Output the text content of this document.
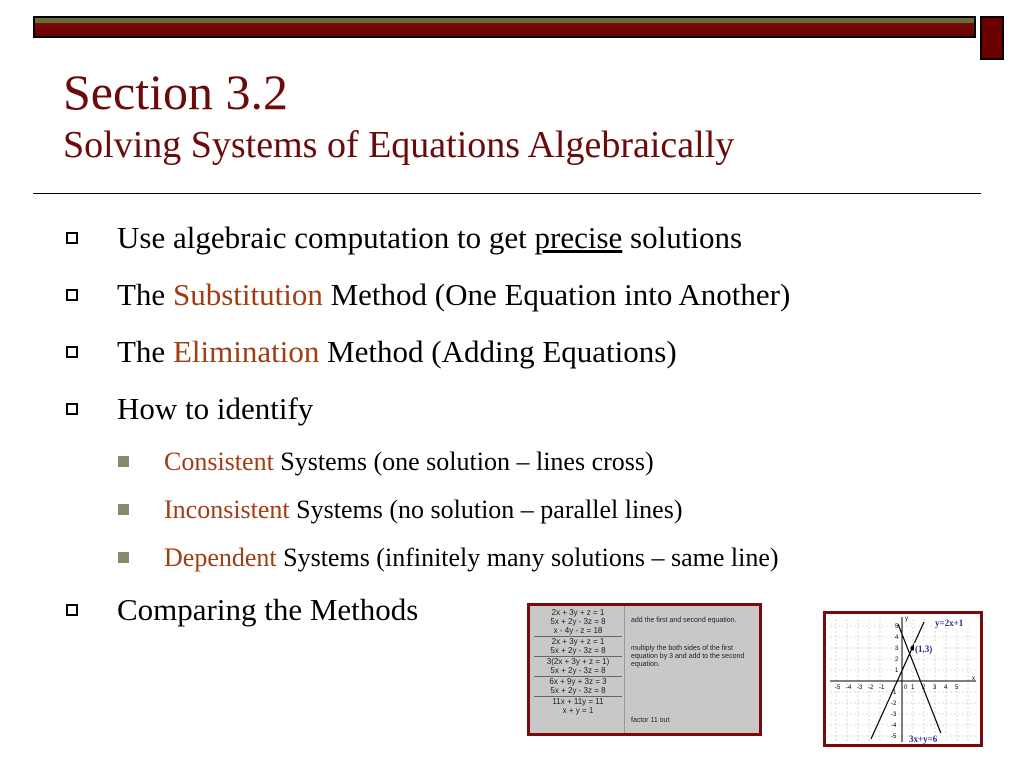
Section 3.2
Solving Systems of Equations Algebraically
Use algebraic computation to get precise solutions
The Substitution Method (One Equation into Another)
The Elimination Method (Adding Equations)
How to identify
Consistent Systems (one solution – lines cross)
Inconsistent Systems (no solution – parallel lines)
Dependent Systems (infinitely many solutions – same line)
Comparing the Methods	2x + 3y + z = 1
5x + 2y - 3z = 8
x - 4y - z = 18
2x + 3y + z = 1
5x + 2y - 3z = 8
3(2x + 3y + z = 1)
5x + 2y - 3z = 8
6x + 9y + 3z = 3
5x + 2y - 3z = 8
11x + 11y = 11
x + y = 1
add the first and second equation.
multiply the both sides of the first equation by 3 and add to the second equation.
factor 11 out
-5 -4 -3 -2 -1	0 1 2 3 4 5
x
y
5
4
3
2
1
-1
-2
-3
-4
-5
y=2x+1
(1,3)
3x+y=6
